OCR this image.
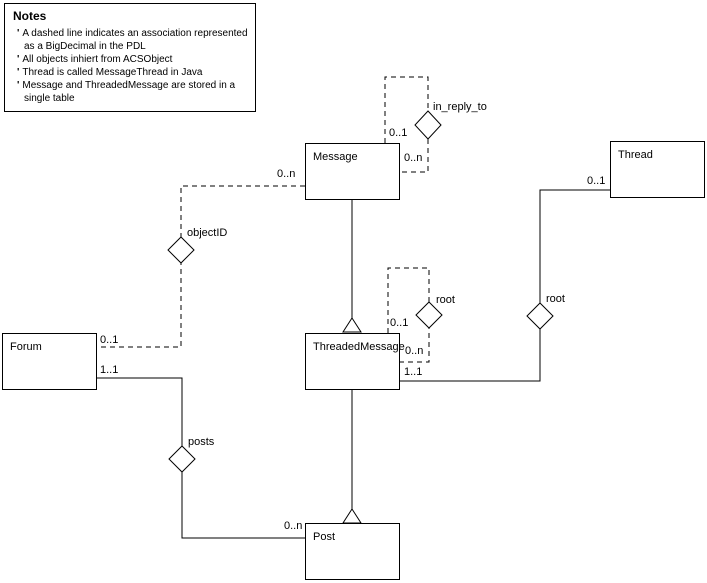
Notes
' A dashed line indicates an association represented as a BigDecimal in the PDL
' All objects inhiert from ACSObject
' Thread is called MessageThread in Java
' Message and ThreadedMessage are stored in a single table
Message	Thread
ThreadedMessage
Forum
Post
in_reply_to
objectID
root	root
posts
0..1
0..n
0..n
0..1
1..1
0..n
0..1
0..n
1..1
0..1
